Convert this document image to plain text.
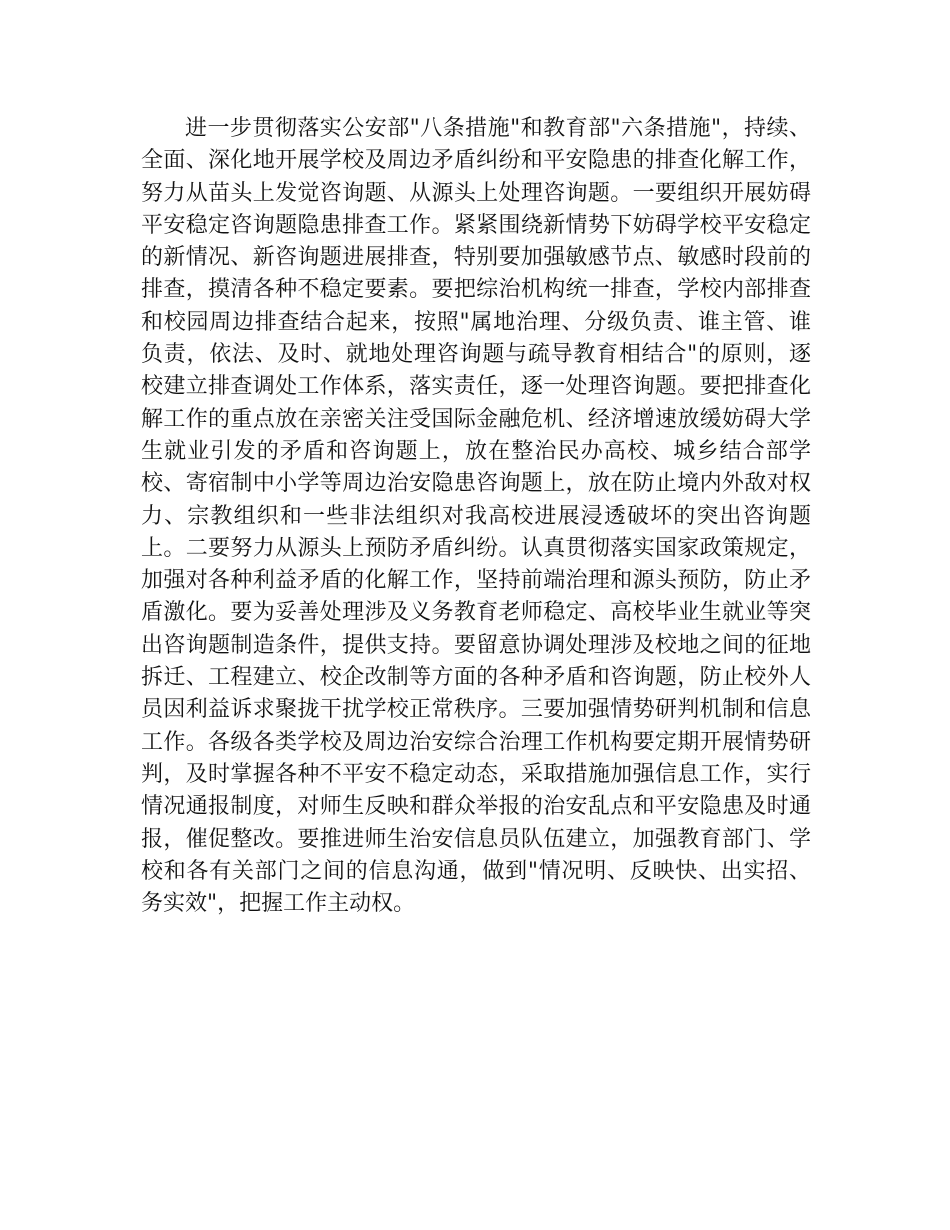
进一步贯彻落实公安部"八条措施"和教育部"六条措施"，持续、全面、深化地开展学校及周边矛盾纠纷和平安隐患的排查化解工作，努力从苗头上发觉咨询题、从源头上处理咨询题。一要组织开展妨碍平安稳定咨询题隐患排查工作。紧紧围绕新情势下妨碍学校平安稳定的新情况、新咨询题进展排查，特别要加强敏感节点、敏感时段前的排查，摸清各种不稳定要素。要把综治机构统一排查，学校内部排查和校园周边排查结合起来，按照"属地治理、分级负责、谁主管、谁负责，依法、及时、就地处理咨询题与疏导教育相结合"的原则，逐校建立排查调处工作体系，落实责任，逐一处理咨询题。要把排查化解工作的重点放在亲密关注受国际金融危机、经济增速放缓妨碍大学生就业引发的矛盾和咨询题上，放在整治民办高校、城乡结合部学校、寄宿制中小学等周边治安隐患咨询题上，放在防止境内外敌对权力、宗教组织和一些非法组织对我高校进展浸透破坏的突出咨询题上。二要努力从源头上预防矛盾纠纷。认真贯彻落实国家政策规定，加强对各种利益矛盾的化解工作，坚持前端治理和源头预防，防止矛盾激化。要为妥善处理涉及义务教育老师稳定、高校毕业生就业等突出咨询题制造条件，提供支持。要留意协调处理涉及校地之间的征地拆迁、工程建立、校企改制等方面的各种矛盾和咨询题，防止校外人员因利益诉求聚拢干扰学校正常秩序。三要加强情势研判机制和信息工作。各级各类学校及周边治安综合治理工作机构要定期开展情势研判，及时掌握各种不平安不稳定动态，采取措施加强信息工作，实行情况通报制度，对师生反映和群众举报的治安乱点和平安隐患及时通报，催促整改。要推进师生治安信息员队伍建立，加强教育部门、学校和各有关部门之间的信息沟通，做到"情况明、反映快、出实招、务实效"，把握工作主动权。
